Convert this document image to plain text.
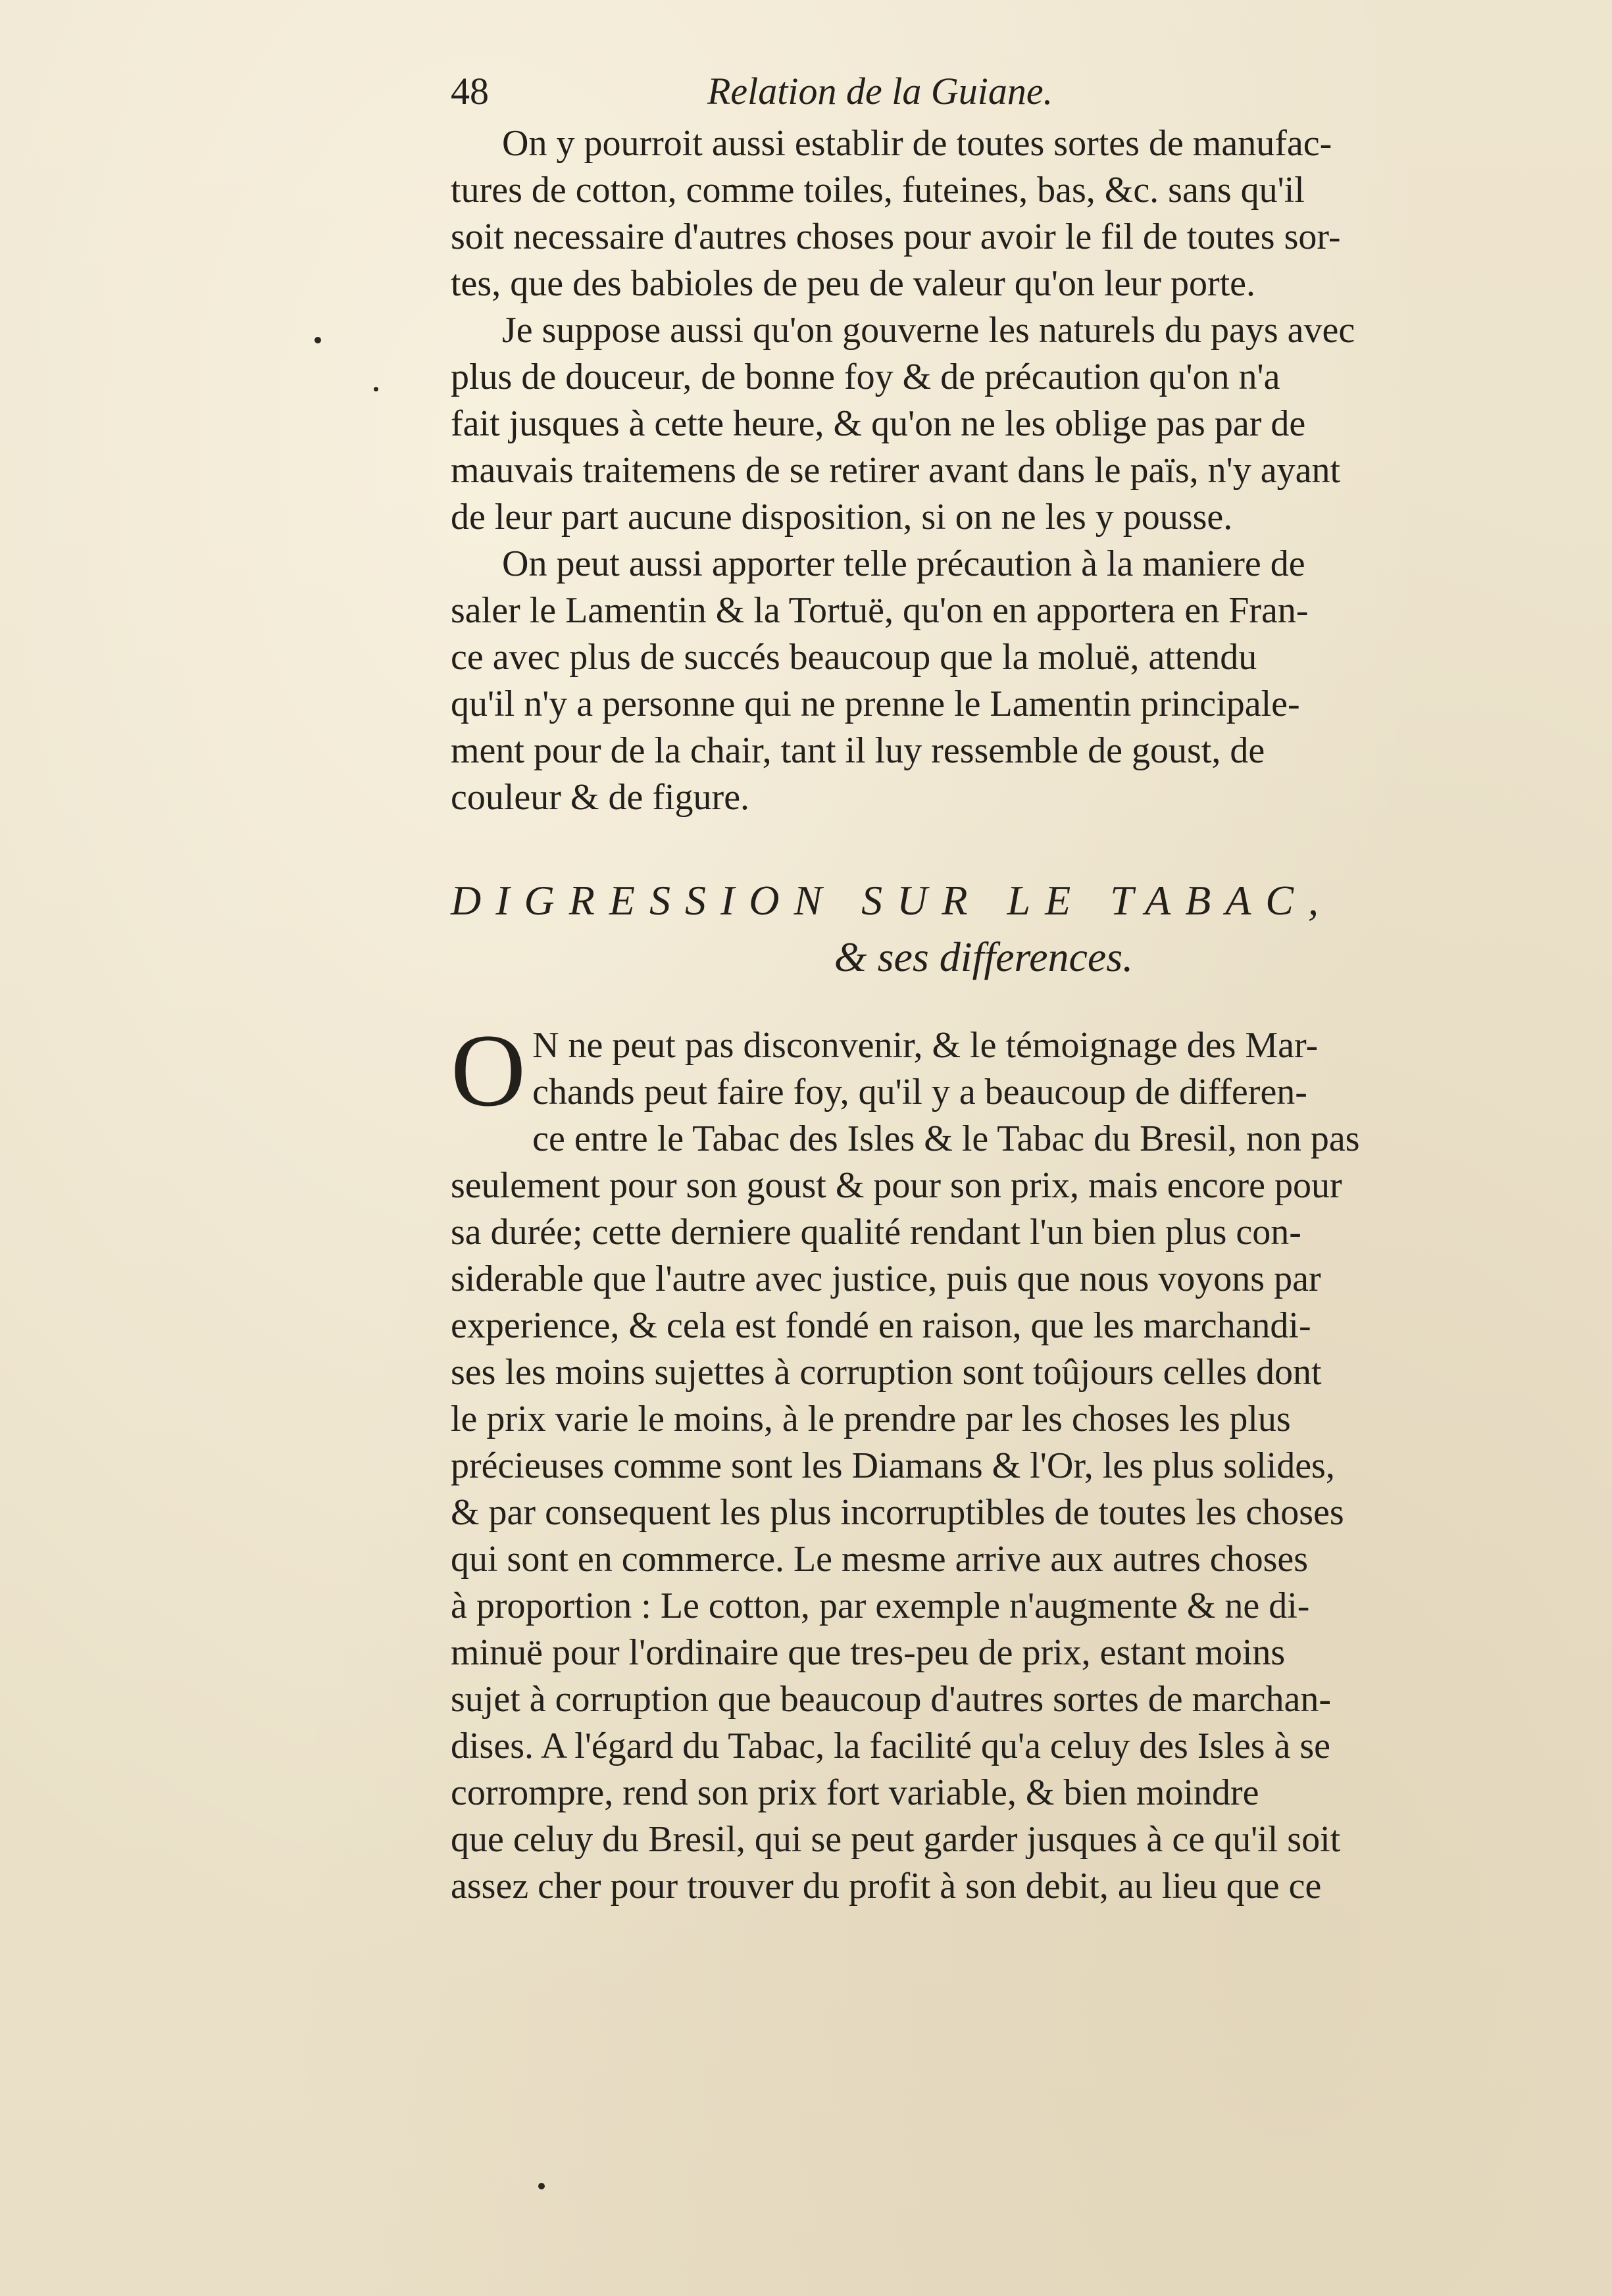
48	Relation de la Guiane.

On y pourroit aussi establir de toutes sortes de manufac-
tures de cotton, comme toiles, futeines, bas, &c. sans qu'il
soit necessaire d'autres choses pour avoir le fil de toutes sor-
tes, que des babioles de peu de valeur qu'on leur porte.

Je suppose aussi qu'on gouverne les naturels du pays avec
plus de douceur, de bonne foy & de précaution qu'on n'a
fait jusques à cette heure, & qu'on ne les oblige pas par de
mauvais traitemens de se retirer avant dans le païs, n'y ayant
de leur part aucune disposition, si on ne les y pousse.

On peut aussi apporter telle précaution à la maniere de
saler le Lamentin & la Tortuë, qu'on en apportera en Fran-
ce avec plus de succés beaucoup que la moluë, attendu
qu'il n'y a personne qui ne prenne le Lamentin principale-
ment pour de la chair, tant il luy ressemble de goust, de
couleur & de figure.

DIGRESSION SUR LE TABAC,
& ses differences.
O N ne peut pas disconvenir, & le témoignage des Mar-
chands peut faire foy, qu'il y a beaucoup de differen-
ce entre le Tabac des Isles & le Tabac du Bresil, non pas
seulement pour son goust & pour son prix, mais encore pour
sa durée; cette derniere qualité rendant l'un bien plus con-
siderable que l'autre avec justice, puis que nous voyons par
experience, & cela est fondé en raison, que les marchandi-
ses les moins sujettes à corruption sont toûjours celles dont
le prix varie le moins, à le prendre par les choses les plus
précieuses comme sont les Diamans & l'Or, les plus solides,
& par consequent les plus incorruptibles de toutes les choses
qui sont en commerce. Le mesme arrive aux autres choses
à proportion : Le cotton, par exemple n'augmente & ne di-
minuë pour l'ordinaire que tres-peu de prix, estant moins
sujet à corruption que beaucoup d'autres sortes de marchan-
dises. A l'égard du Tabac, la facilité qu'a celuy des Isles à se
corrompre, rend son prix fort variable, & bien moindre
que celuy du Bresil, qui se peut garder jusques à ce qu'il soit
assez cher pour trouver du profit à son debit, au lieu que ce
